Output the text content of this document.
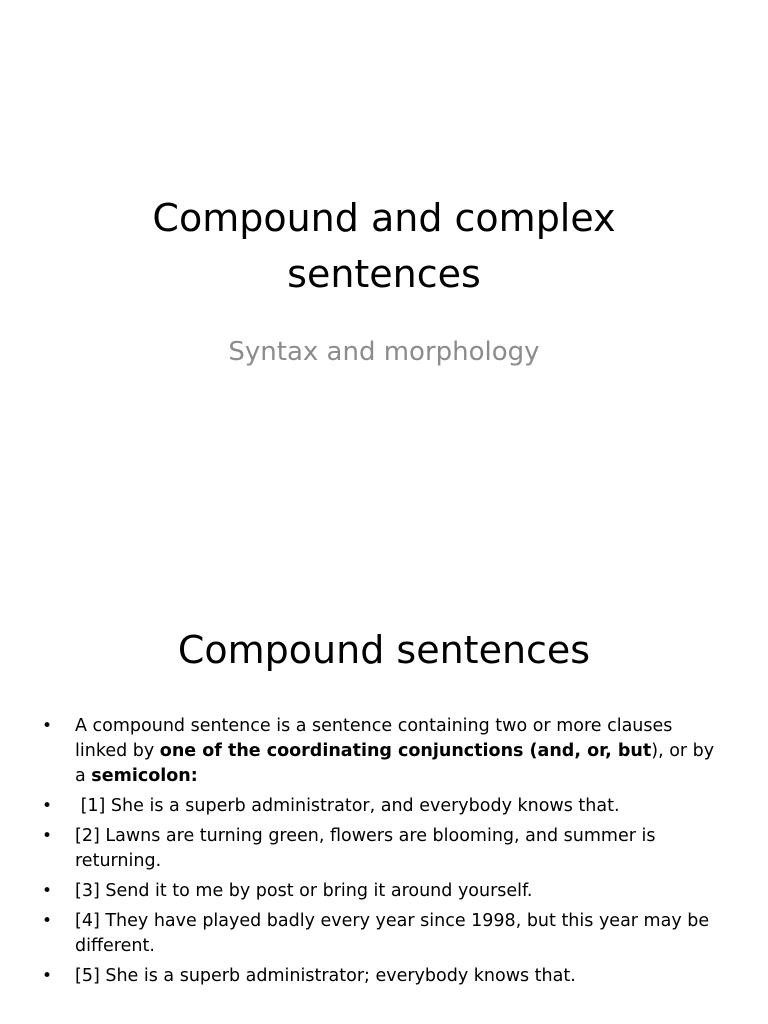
Compound and complex sentences

Syntax and morphology

Compound sentences
• A compound sentence is a sentence containing two or more clauses linked by one of the coordinating conjunctions (and, or, but), or by a semicolon:
• [1] She is a superb administrator, and everybody knows that.
• [2] Lawns are turning green, flowers are blooming, and summer is returning.
• [3] Send it to me by post or bring it around yourself.
• [4] They have played badly every year since 1998, but this year may be different.
• [5] She is a superb administrator; everybody knows that.
